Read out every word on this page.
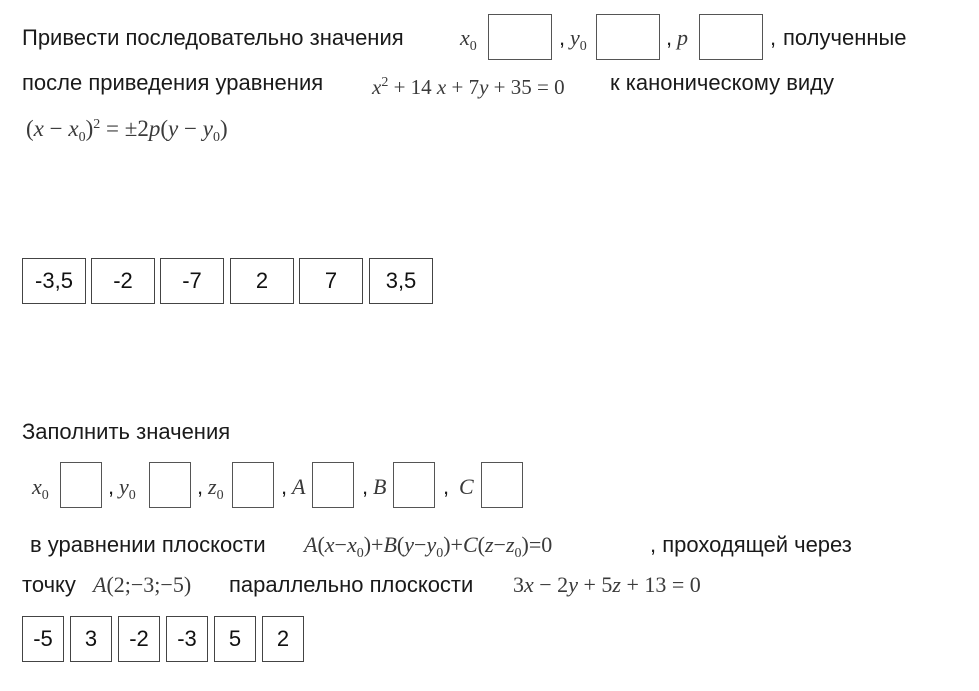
Привести последовательно значения	$x_0$	, $y_0$	, p	, полученные
после приведения уравнения $x^2 + 14$ x + 7y + 35 = 0 к каноническому виду
$(x - x_0)^2 = \pm 2p(y - y_0)$
-3,5	-2	-7	2	7	3,5
Заполнить значения
$x_0$	, $y_0$	, $z_0$	, A	, B	, C
в уравнении плоскости $A(x-x_0)+B(y-y_0)+C(z-z_0)=0$	, проходящей через
точку A(2;−3;−5) параллельно плоскости 3x − 2y + 5z + 13 = 0
-5	3	-2	-3	5	2
